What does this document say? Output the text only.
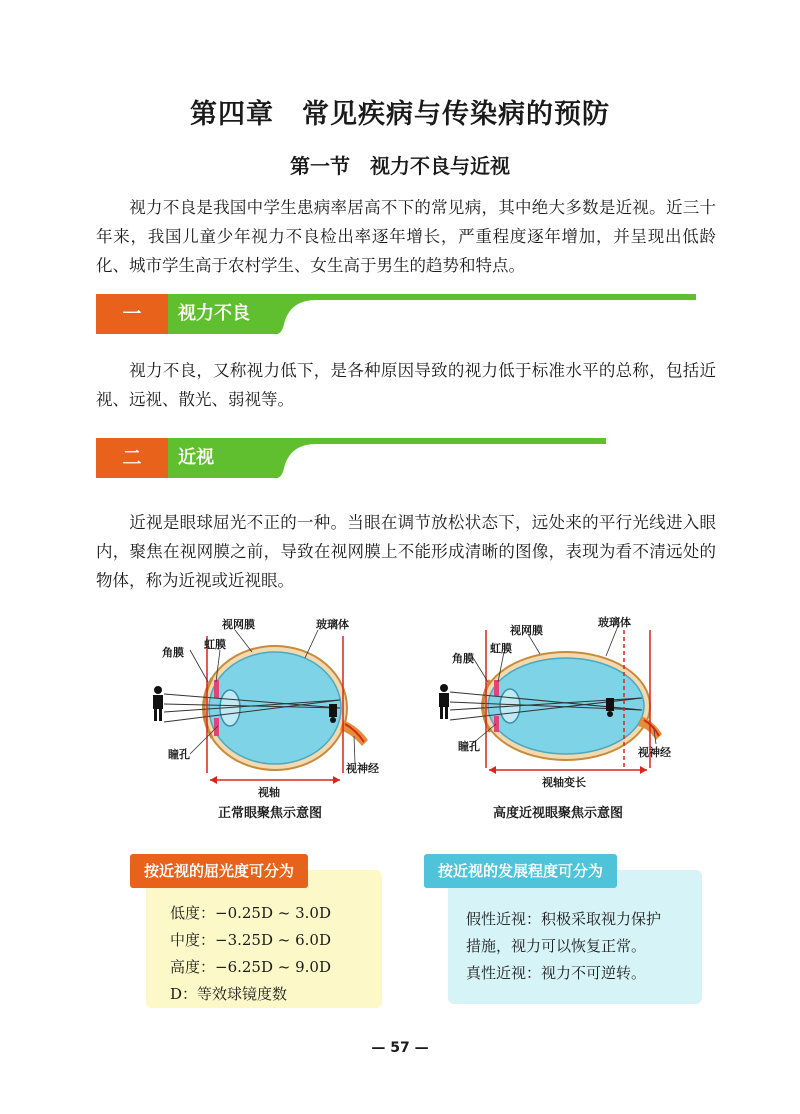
第四章　常见疾病与传染病的预防
第一节　视力不良与近视
视力不良是我国中学生患病率居高不下的常见病，其中绝大多数是近视。近三十年来，我国儿童少年视力不良检出率逐年增长，严重程度逐年增加，并呈现出低龄化、城市学生高于农村学生、女生高于男生的趋势和特点。
一	视力不良
视力不良，又称视力低下，是各种原因导致的视力低于标准水平的总称，包括近视、远视、散光、弱视等。
二	近视
近视是眼球屈光不正的一种。当眼在调节放松状态下，远处来的平行光线进入眼内，聚焦在视网膜之前，导致在视网膜上不能形成清晰的图像，表现为看不清远处的物体，称为近视或近视眼。
视网膜	玻璃体
角膜
虹膜
瞳孔
视神经
视轴
正常眼聚焦示意图
视网膜
玻璃体
角膜
虹膜
瞳孔	视神经
视轴变长
高度近视眼聚焦示意图
按近视的屈光度可分为
低度：−0.25D ~ 3.0D
中度：−3.25D ~ 6.0D
高度：−6.25D ~ 9.0D
D：等效球镜度数
按近视的发展程度可分为
假性近视：积极采取视力保护
措施，视力可以恢复正常。
真性近视：视力不可逆转。
— 57 —
